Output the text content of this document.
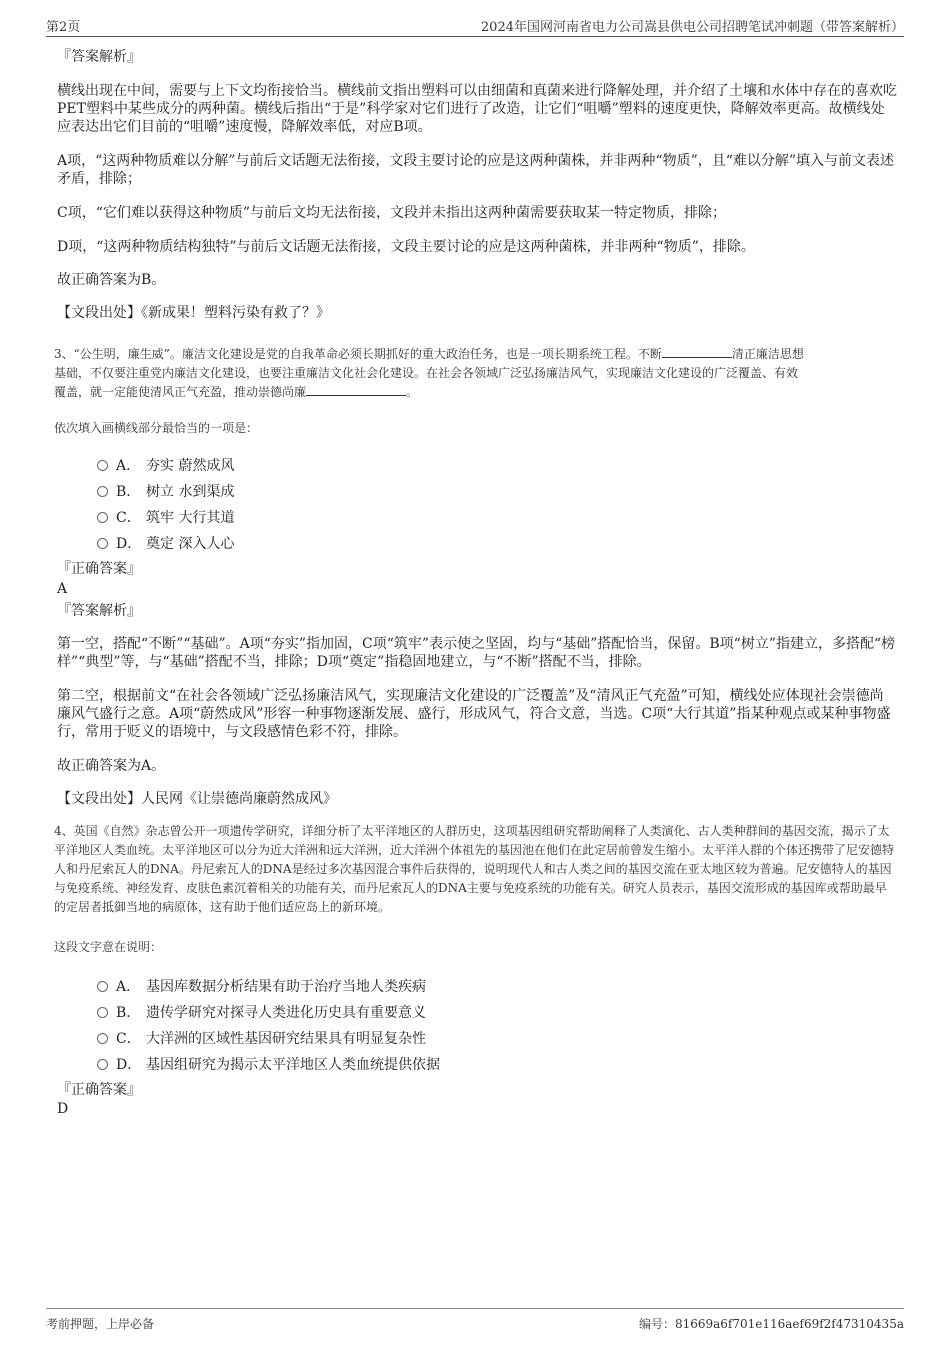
第2页	2024年国网河南省电力公司嵩县供电公司招聘笔试冲刺题（带答案解析）
『答案解析』
横线出现在中间，需要与上下文均衔接恰当。横线前文指出塑料可以由细菌和真菌来进行降解处理，并介绍了土壤和水体中存在的喜欢吃PET塑料中某些成分的两种菌。横线后指出“于是”科学家对它们进行了改造，让它们“咀嚼”塑料的速度更快，降解效率更高。故横线处应表达出它们目前的“咀嚼”速度慢，降解效率低，对应B项。
A项，“这两种物质难以分解”与前后文话题无法衔接，文段主要讨论的应是这两种菌株，并非两种“物质”，且“难以分解”填入与前文表述矛盾，排除；
C项，“它们难以获得这种物质”与前后文均无法衔接，文段并未指出这两种菌需要获取某一特定物质，排除；
D项，“这两种物质结构独特”与前后文话题无法衔接，文段主要讨论的应是这两种菌株，并非两种“物质”，排除。
故正确答案为B。
【文段出处】《新成果！塑料污染有救了？》
3、“公生明，廉生威”。廉洁文化建设是党的自我革命必须长期抓好的重大政治任务，也是一项长期系统工程。不断	清正廉洁思想
基础，不仅要注重党内廉洁文化建设，也要注重廉洁文化社会化建设。在社会各领域广泛弘扬廉洁风气，实现廉洁文化建设的广泛覆盖、有效
覆盖，就一定能使清风正气充盈，推动崇德尚廉	。
依次填入画横线部分最恰当的一项是：
A． 夯实 蔚然成风
B． 树立 水到渠成
C． 筑牢 大行其道
D． 奠定 深入人心
『正确答案』
A
『答案解析』
第一空，搭配“不断”“基础”。A项“夯实”指加固，C项“筑牢”表示使之坚固，均与“基础”搭配恰当，保留。B项“树立”指建立，多搭配“榜样”“典型”等，与“基础”搭配不当，排除；D项“奠定”指稳固地建立，与“不断”搭配不当，排除。
第二空，根据前文“在社会各领域广泛弘扬廉洁风气，实现廉洁文化建设的广泛覆盖”及“清风正气充盈”可知，横线处应体现社会崇德尚廉风气盛行之意。A项“蔚然成风”形容一种事物逐渐发展、盛行，形成风气，符合文意，当选。C项“大行其道”指某种观点或某种事物盛行，常用于贬义的语境中，与文段感情色彩不符，排除。
故正确答案为A。
【文段出处】人民网《让崇德尚廉蔚然成风》
4、英国《自然》杂志曾公开一项遗传学研究，详细分析了太平洋地区的人群历史，这项基因组研究帮助阐释了人类演化、古人类种群间的基因交流，揭示了太平洋地区人类血统。太平洋地区可以分为近大洋洲和远大洋洲，近大洋洲个体祖先的基因池在他们在此定居前曾发生缩小。太平洋人群的个体还携带了尼安德特人和丹尼索瓦人的DNA。丹尼索瓦人的DNA是经过多次基因混合事件后获得的，说明现代人和古人类之间的基因交流在亚太地区较为普遍。尼安德特人的基因与免疫系统、神经发育、皮肤色素沉着相关的功能有关，而丹尼索瓦人的DNA主要与免疫系统的功能有关。研究人员表示，基因交流形成的基因库或帮助最早的定居者抵御当地的病原体，这有助于他们适应岛上的新环境。
这段文字意在说明：
A． 基因库数据分析结果有助于治疗当地人类疾病
B． 遗传学研究对探寻人类进化历史具有重要意义
C． 大洋洲的区域性基因研究结果具有明显复杂性
D． 基因组研究为揭示太平洋地区人类血统提供依据
『正确答案』
D
考前押题，上岸必备	编号：81669a6f701e116aef69f2f47310435a
